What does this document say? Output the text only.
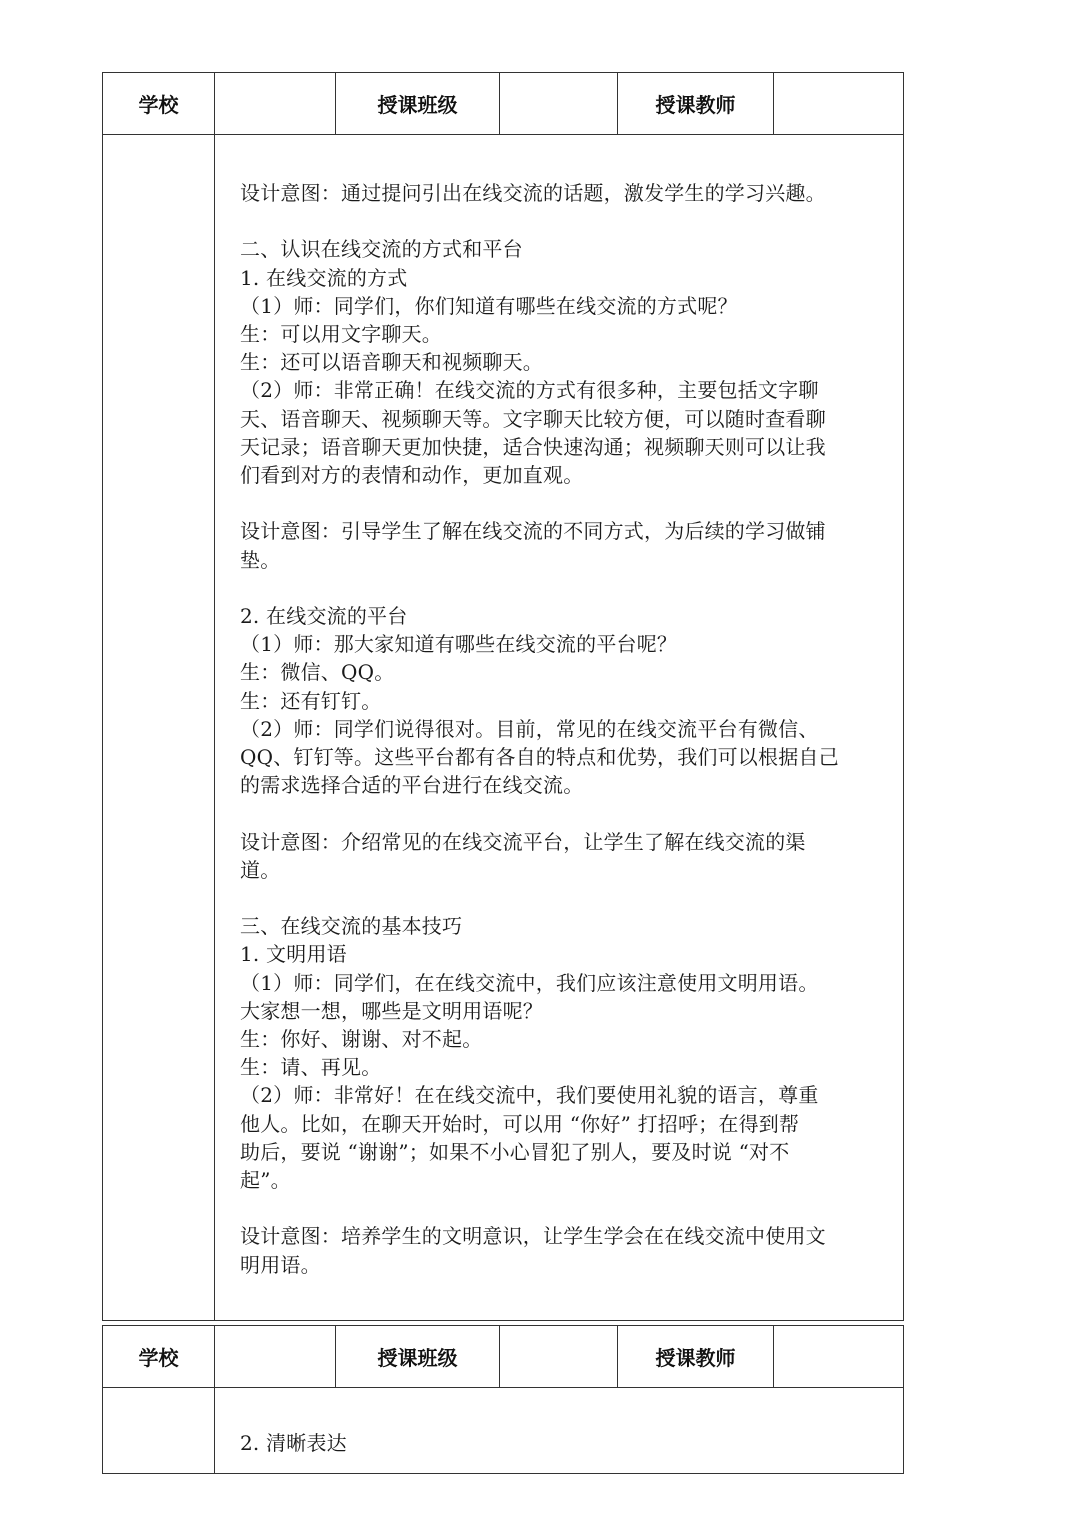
学校	授课班级	授课教师
设计意图：通过提问引出在线交流的话题，激发学生的学习兴趣。
二、认识在线交流的方式和平台
1. 在线交流的方式
（1）师：同学们，你们知道有哪些在线交流的方式呢？
生：可以用文字聊天。
生：还可以语音聊天和视频聊天。
（2）师：非常正确！在线交流的方式有很多种，主要包括文字聊
天、语音聊天、视频聊天等。文字聊天比较方便，可以随时查看聊
天记录；语音聊天更加快捷，适合快速沟通；视频聊天则可以让我
们看到对方的表情和动作，更加直观。
设计意图：引导学生了解在线交流的不同方式，为后续的学习做铺
垫。
2. 在线交流的平台
（1）师：那大家知道有哪些在线交流的平台呢？
生：微信、QQ。
生：还有钉钉。
（2）师：同学们说得很对。目前，常见的在线交流平台有微信、
QQ、钉钉等。这些平台都有各自的特点和优势，我们可以根据自己
的需求选择合适的平台进行在线交流。
设计意图：介绍常见的在线交流平台，让学生了解在线交流的渠
道。
三、在线交流的基本技巧
1. 文明用语
（1）师：同学们，在在线交流中，我们应该注意使用文明用语。
大家想一想，哪些是文明用语呢？
生：你好、谢谢、对不起。
生：请、再见。
（2）师：非常好！在在线交流中，我们要使用礼貌的语言，尊重
他人。比如，在聊天开始时，可以用 “你好” 打招呼；在得到帮
助后，要说 “谢谢”；如果不小心冒犯了别人，要及时说 “对不
起”。
设计意图：培养学生的文明意识，让学生学会在在线交流中使用文
明用语。
学校	授课班级	授课教师
2. 清晰表达
